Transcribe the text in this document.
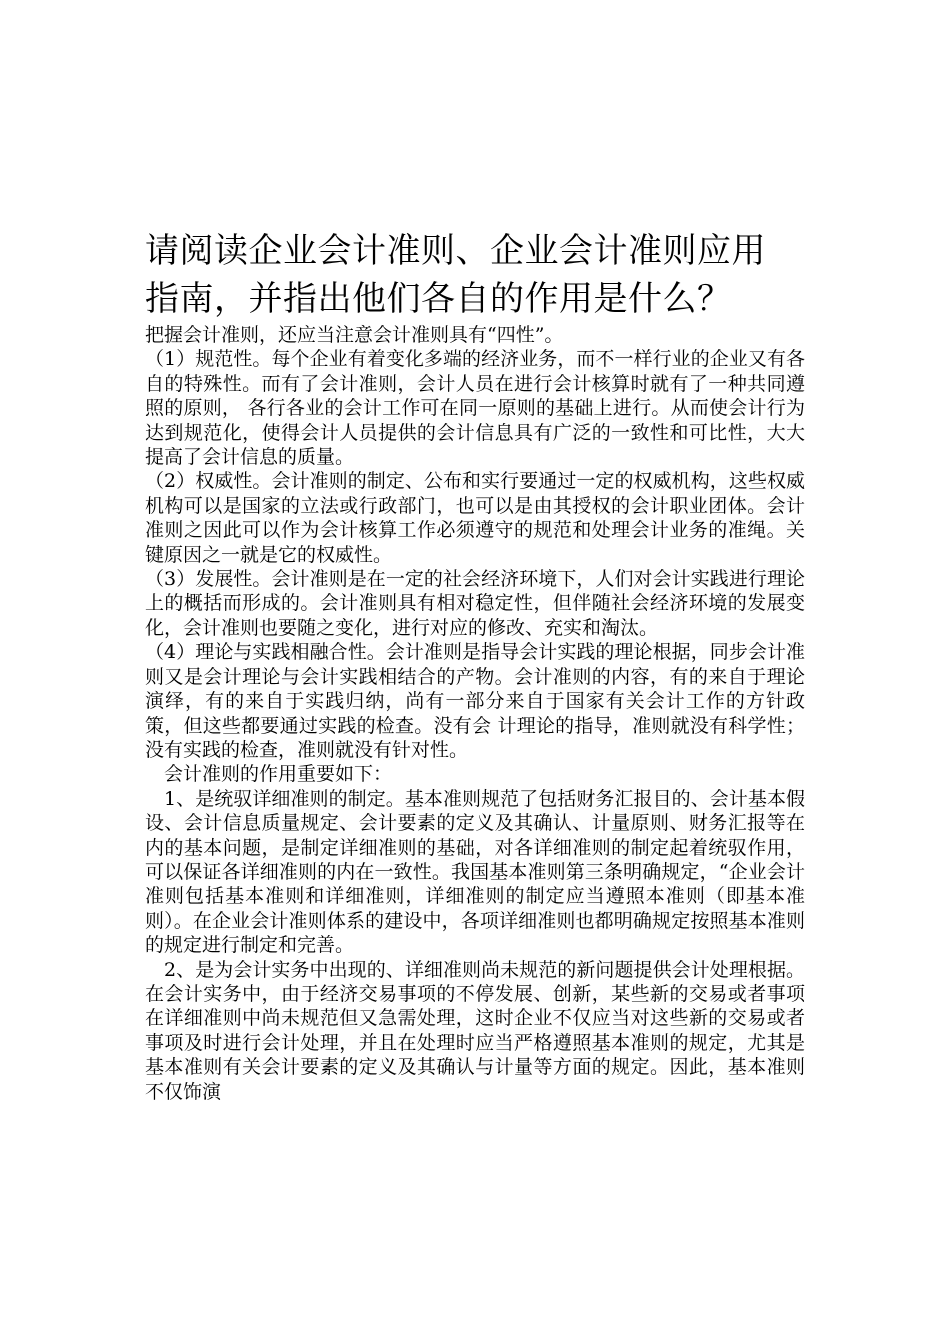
请阅读企业会计准则、企业会计准则应用
指南，并指出他们各自的作用是什么？

把握会计准则，还应当注意会计准则具有“四性”。

（1）规范性。每个企业有着变化多端的经济业务，而不一样行业的企业又有各自的特殊性。而有了会计准则，会计人员在进行会计核算时就有了一种共同遵照的原则， 各行各业的会计工作可在同一原则的基础上进行。从而使会计行为达到规范化，使得会计人员提供的会计信息具有广泛的一致性和可比性，大大提高了会计信息的质量。

（2）权威性。会计准则的制定、公布和实行要通过一定的权威机构，这些权威机构可以是国家的立法或行政部门，也可以是由其授权的会计职业团体。会计准则之因此可以作为会计核算工作必须遵守的规范和处理会计业务的准绳。关键原因之一就是它的权威性。

（3）发展性。会计准则是在一定的社会经济环境下，人们对会计实践进行理论上的概括而形成的。会计准则具有相对稳定性，但伴随社会经济环境的发展变化，会计准则也要随之变化，进行对应的修改、充实和淘汰。

（4）理论与实践相融合性。会计准则是指导会计实践的理论根据，同步会计准则又是会计理论与会计实践相结合的产物。会计准则的内容，有的来自于理论演绎，有的来自于实践归纳，尚有一部分来自于国家有关会计工作的方针政策，但这些都要通过实践的检查。没有会 计理论的指导，准则就没有科学性；没有实践的检查，准则就没有针对性。

会计准则的作用重要如下：

1、是统驭详细准则的制定。基本准则规范了包括财务汇报目的、会计基本假设、会计信息质量规定、会计要素的定义及其确认、计量原则、财务汇报等在内的基本问题，是制定详细准则的基础，对各详细准则的制定起着统驭作用，可以保证各详细准则的内在一致性。我国基本准则第三条明确规定，“企业会计准则包括基本准则和详细准则，详细准则的制定应当遵照本准则（即基本准则）。在企业会计准则体系的建设中，各项详细准则也都明确规定按照基本准则的规定进行制定和完善。

2、是为会计实务中出现的、详细准则尚未规范的新问题提供会计处理根据。在会计实务中，由于经济交易事项的不停发展、创新，某些新的交易或者事项在详细准则中尚未规范但又急需处理，这时企业不仅应当对这些新的交易或者事项及时进行会计处理，并且在处理时应当严格遵照基本准则的规定，尤其是基本准则有关会计要素的定义及其确认与计量等方面的规定。因此，基本准则不仅饰演
